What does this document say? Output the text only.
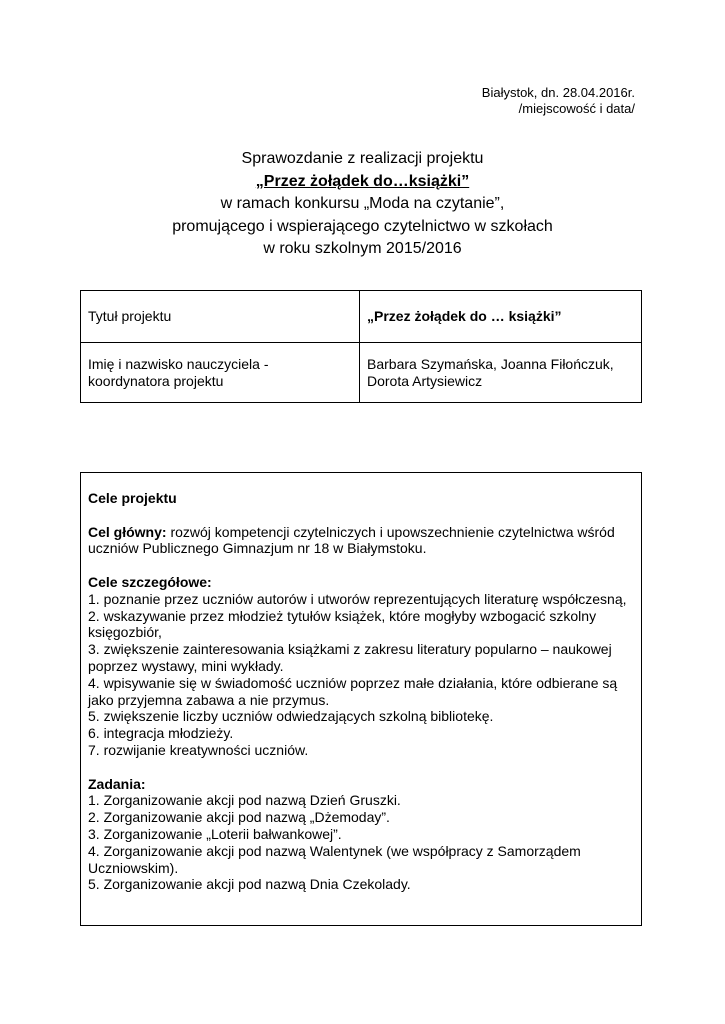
Białystok, dn. 28.04.2016r.
/miejscowość i data/
Sprawozdanie z realizacji projektu
„Przez żołądek do…książki”
w ramach konkursu „Moda na czytanie”,
promującego i wspierającego czytelnictwo w szkołach
w roku szkolnym 2015/2016
Tytuł projektu	„Przez żołądek do … książki”
Imię i nazwisko nauczyciela - koordynatora projektu	Barbara Szymańska, Joanna Fiłończuk, Dorota Artysiewicz
Cele projektu
Cel główny: rozwój kompetencji czytelniczych i upowszechnienie czytelnictwa wśród uczniów Publicznego Gimnazjum nr 18 w Białymstoku.
Cele szczegółowe:
1. poznanie przez uczniów autorów i utworów reprezentujących literaturę współczesną,
2. wskazywanie przez młodzież tytułów książek, które mogłyby wzbogacić szkolny księgozbiór,
3. zwiększenie zainteresowania książkami z zakresu literatury popularno – naukowej poprzez wystawy, mini wykłady.
4. wpisywanie się w świadomość uczniów poprzez małe działania, które odbierane są jako przyjemna zabawa a nie przymus.
5. zwiększenie liczby uczniów odwiedzających szkolną bibliotekę.
6. integracja młodzieży.
7. rozwijanie kreatywności uczniów.
Zadania:
1. Zorganizowanie akcji pod nazwą Dzień Gruszki.
2. Zorganizowanie akcji pod nazwą „Dżemoday”.
3. Zorganizowanie „Loterii bałwankowej”.
4. Zorganizowanie akcji pod nazwą Walentynek (we współpracy z Samorządem Uczniowskim).
5. Zorganizowanie akcji pod nazwą Dnia Czekolady.
